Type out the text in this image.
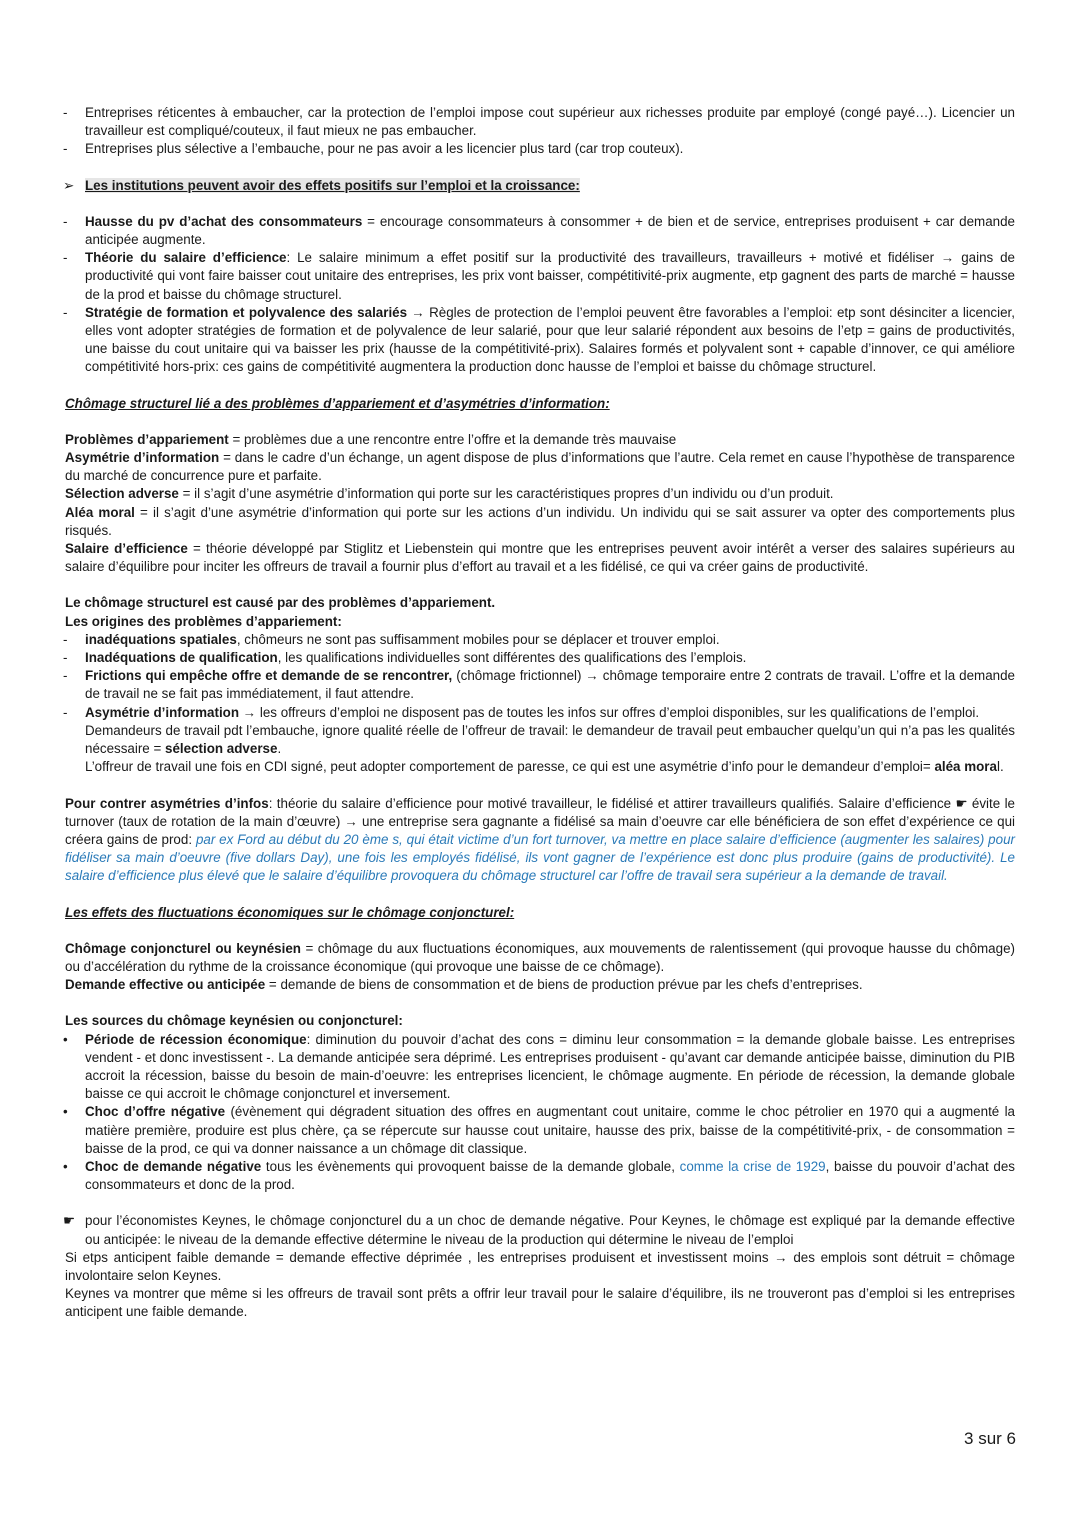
-	Entreprises réticentes à embaucher, car la protection de l’emploi impose cout supérieur aux richesses produite par employé (congé payé…). Licencier un travailleur est compliqué/couteux, il faut mieux ne pas embaucher.
-	Entreprises plus sélective a l’embauche, pour ne pas avoir a les licencier plus tard (car trop couteux).
➢ Les institutions peuvent avoir des effets positifs sur l’emploi et la croissance:
-	Hausse du pv d’achat des consommateurs = encourage consommateurs à consommer + de bien et de service, entreprises produisent + car demande anticipée augmente.
-	Théorie du salaire d’efficience: Le salaire minimum a effet positif sur la productivité des travailleurs, travailleurs + motivé et fidéliser → gains de productivité qui vont faire baisser cout unitaire des entreprises, les prix vont baisser, compétitivité-prix augmente, etp gagnent des parts de marché = hausse de la prod et baisse du chômage structurel.
-	Stratégie de formation et polyvalence des salariés → Règles de protection de l’emploi peuvent être favorables a l’emploi: etp sont désinciter a licencier, elles vont adopter stratégies de formation et de polyvalence de leur salarié, pour que leur salarié répondent aux besoins de l’etp = gains de productivités, une baisse du cout unitaire qui va baisser les prix (hausse de la compétitivité-prix). Salaires formés et polyvalent sont + capable d’innover, ce qui améliore compétitivité hors-prix: ces gains de compétitivité augmentera la production donc hausse de l’emploi et baisse du chômage structurel.

Chômage structurel lié a des problèmes d’appariement et d’asymétries d’information:

Problèmes d’appariement = problèmes due a une rencontre entre l’offre et la demande très mauvaise

Asymétrie d’information = dans le cadre d’un échange, un agent dispose de plus d’informations que l’autre. Cela remet en cause l’hypothèse de transparence du marché de concurrence pure et parfaite.

Sélection adverse = il s’agit d’une asymétrie d’information qui porte sur les caractéristiques propres d’un individu ou d’un produit.

Aléa moral = il s’agit d’une asymétrie d’information qui porte sur les actions d’un individu. Un individu qui se sait assurer va opter des comportements plus risqués.

Salaire d’efficience = théorie développé par Stiglitz et Liebenstein qui montre que les entreprises peuvent avoir intérêt a verser des salaires supérieurs au salaire d’équilibre pour inciter les offreurs de travail a fournir plus d’effort au travail et a les fidélisé, ce qui va créer gains de productivité.

Le chômage structurel est causé par des problèmes d’appariement.

Les origines des problèmes d’appariement:

-	inadéquations spatiales, chômeurs ne sont pas suffisamment mobiles pour se déplacer et trouver emploi.
-	Inadéquations de qualification, les qualifications individuelles sont différentes des qualifications des l’emplois.
-	Frictions qui empêche offre et demande de se rencontrer, (chômage frictionnel) → chômage temporaire entre 2 contrats de travail. L’offre et la demande de travail ne se fait pas immédiatement, il faut attendre.
-	Asymétrie d’information → les offreurs d’emploi ne disposent pas de toutes les infos sur offres d’emploi disponibles, sur les qualifications de l’emploi.

Demandeurs de travail pdt l’embauche, ignore qualité réelle de l’offreur de travail: le demandeur de travail peut embaucher quelqu’un qui n’a pas les qualités nécessaire = sélection adverse.

L’offreur de travail une fois en CDI signé, peut adopter comportement de paresse, ce qui est une asymétrie d’info pour le demandeur d’emploi= aléa moral.

Pour contrer asymétries d’infos: théorie du salaire d’efficience pour motivé travailleur, le fidélisé et attirer travailleurs qualifiés. Salaire d’efficience ☛ évite le turnover (taux de rotation de la main d’œuvre) → une entreprise sera gagnante a fidélisé sa main d’oeuvre car elle bénéficiera de son effet d’expérience ce qui créera gains de prod: par ex Ford au début du 20 ème s, qui était victime d’un fort turnover, va mettre en place salaire d’efficience (augmenter les salaires) pour fidéliser sa main d’oeuvre (five dollars Day), une fois les employés fidélisé, ils vont gagner de l’expérience est donc plus produire (gains de productivité). Le salaire d’efficience plus élevé que le salaire d’équilibre provoquera du chômage structurel car l’offre de travail sera supérieur a la demande de travail.

Les effets des fluctuations économiques sur le chômage conjoncturel:

Chômage conjoncturel ou keynésien = chômage du aux fluctuations économiques, aux mouvements de ralentissement (qui provoque hausse du chômage) ou d’accélération du rythme de la croissance économique (qui provoque une baisse de ce chômage).

Demande effective ou anticipée = demande de biens de consommation et de biens de production prévue par les chefs d’entreprises.

Les sources du chômage keynésien ou conjoncturel:

•	Période de récession économique: diminution du pouvoir d’achat des cons = diminu leur consommation = la demande globale baisse. Les entreprises vendent - et donc investissent -. La demande anticipée sera déprimé. Les entreprises produisent - qu’avant car demande anticipée baisse, diminution du PIB accroit la récession, baisse du besoin de main-d’oeuvre: les entreprises licencient, le chômage augmente. En période de récession, la demande globale baisse ce qui accroit le chômage conjoncturel et inversement.
•	Choc d’offre négative (évènement qui dégradent situation des offres en augmentant cout unitaire, comme le choc pétrolier en 1970 qui a augmenté la matière première, produire est plus chère, ça se répercute sur hausse cout unitaire, hausse des prix, baisse de la compétitivité-prix, - de consommation = baisse de la prod, ce qui va donner naissance a un chômage dit classique.
•	Choc de demande négative tous les évènements qui provoquent baisse de la demande globale, comme la crise de 1929, baisse du pouvoir d’achat des consommateurs et donc de la prod.
☛ pour l’économistes Keynes, le chômage conjoncturel du a un choc de demande négative. Pour Keynes, le chômage est expliqué par la demande effective ou anticipée: le niveau de la demande effective détermine le niveau de la production qui détermine le niveau de l’emploi

Si etps anticipent faible demande = demande effective déprimée , les entreprises produisent et investissent moins → des emplois sont détruit = chômage involontaire selon Keynes.

Keynes va montrer que même si les offreurs de travail sont prêts a offrir leur travail pour le salaire d’équilibre, ils ne trouveront pas d’emploi si les entreprises anticipent une faible demande.

3 sur 6
